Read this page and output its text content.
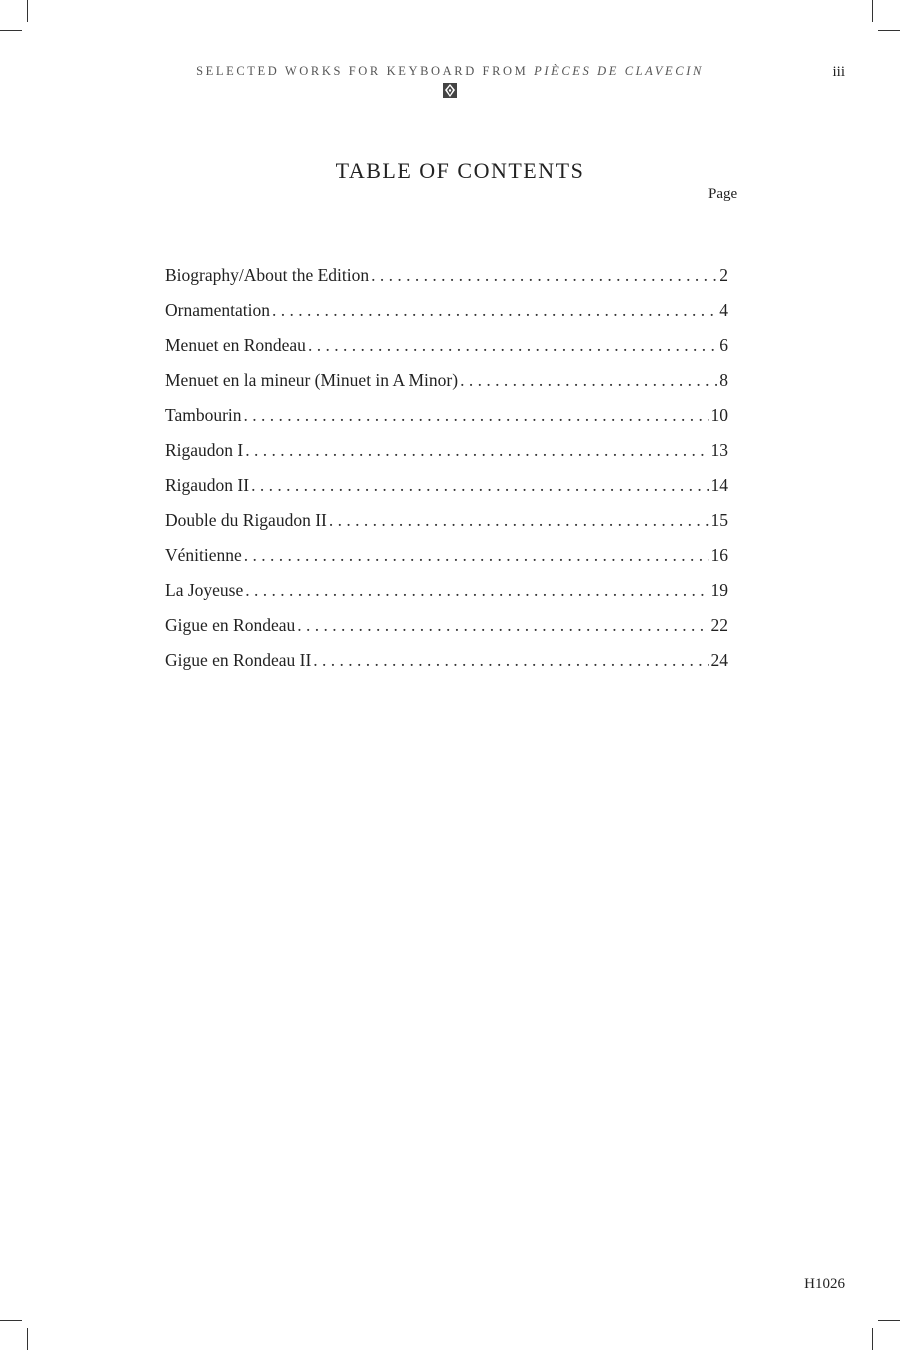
SELECTED WORKS FOR KEYBOARD FROM PIÈCES DE CLAVECIN	iii
TABLE OF CONTENTS
Page
Biography/About the Edition . . .	2
Ornamentation . . .	4
Menuet en Rondeau . . .	6
Menuet en la mineur (Minuet in A Minor) . . .	8
Tambourin . . .	10
Rigaudon I . . .	13
Rigaudon II . . .	14
Double du Rigaudon II . . .	15
Vénitienne . . .	16
La Joyeuse . . .	19
Gigue en Rondeau . . .	22
Gigue en Rondeau II . . .	24
H1026
